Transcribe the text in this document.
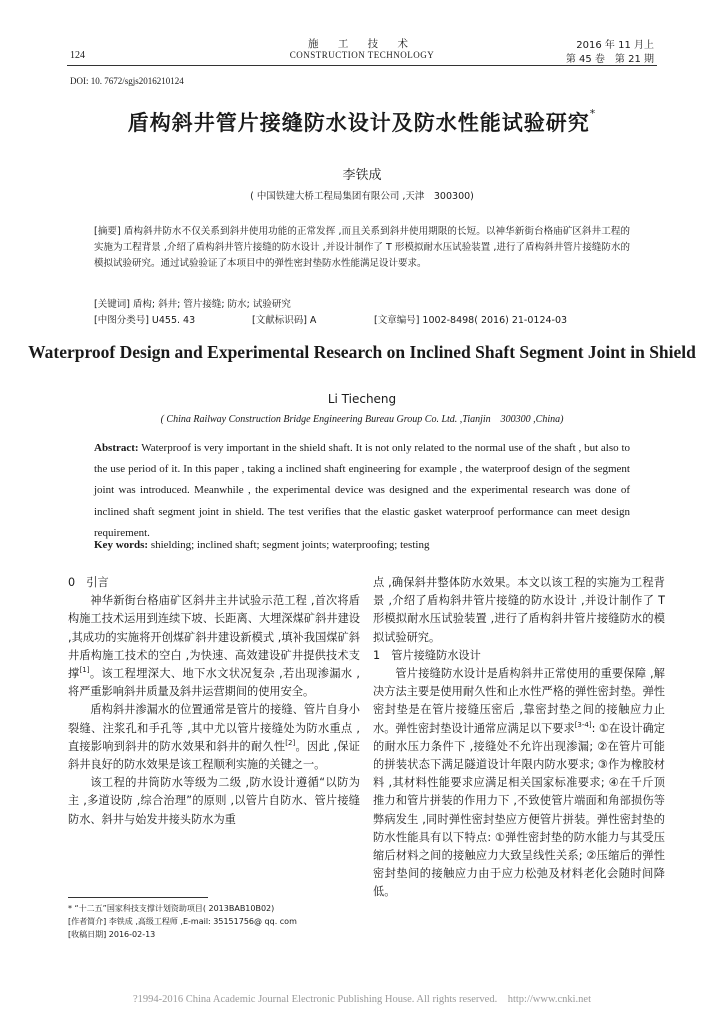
施 工 技 术
CONSTRUCTION TECHNOLOGY
124
2016 年 11 月上
第 45 卷　第 21 期
DOI: 10. 7672/sgjs2016210124
盾构斜井管片接缝防水设计及防水性能试验研究*
李铁成
( 中国铁建大桥工程局集团有限公司 ,天津　300300)
[摘要] 盾构斜井防水不仅关系到斜井使用功能的正常发挥 ,而且关系到斜井使用期限的长短。以神华新街台格庙矿区斜井工程的实施为工程背景 ,介绍了盾构斜井管片接缝的防水设计 ,并设计制作了 T 形模拟耐水压试验装置 ,进行了盾构斜井管片接缝防水的模拟试验研究。通过试验验证了本项目中的弹性密封垫防水性能满足设计要求。
[关键词] 盾构; 斜井; 管片接缝; 防水; 试验研究
[中图分类号] U455. 43	[文献标识码] A	[文章编号] 1002-8498( 2016) 21-0124-03
Waterproof Design and Experimental Research on Inclined Shaft Segment Joint in Shield
Li Tiecheng
( China Railway Construction Bridge Engineering Bureau Group Co. Ltd. ,Tianjin　300300 ,China)
Abstract: Waterproof is very important in the shield shaft. It is not only related to the normal use of the shaft , but also to the use period of it. In this paper , taking a inclined shaft engineering for example , the waterproof design of the segment joint was introduced. Meanwhile , the experimental device was designed and the experimental research was done of inclined shaft segment joint in shield. The test verifies that the elastic gasket waterproof performance can meet design requirement.
Key words: shielding; inclined shaft; segment joints; waterproofing; testing

0　引言

神华新街台格庙矿区斜井主井试验示范工程 ,首次将盾构施工技术运用到连续下坡、长距离、大埋深煤矿斜井建设 ,其成功的实施将开创煤矿斜井建设新模式 ,填补我国煤矿斜井盾构施工技术的空白 ,为快速、高效建设矿井提供技术支撑[1]。该工程埋深大、地下水文状况复杂 ,若出现渗漏水 ,将严重影响斜井质量及斜井运营期间的使用安全。

盾构斜井渗漏水的位置通常是管片的接缝、管片自身小裂缝、注浆孔和手孔等 ,其中尤以管片接缝处为防水重点 ,直接影响到斜井的防水效果和斜井的耐久性[2]。因此 ,保证斜井良好的防水效果是该工程顺利实施的关键之一。

该工程的井筒防水等级为二级 ,防水设计遵循“以防为主 ,多道设防 ,综合治理”的原则 ,以管片自防水、管片接缝防水、斜井与始发井接头防水为重

点 ,确保斜井整体防水效果。本文以该工程的实施为工程背景 ,介绍了盾构斜井管片接缝的防水设计 ,并设计制作了 T 形模拟耐水压试验装置 ,进行了盾构斜井管片接缝防水的模拟试验研究。

1　管片接缝防水设计

管片接缝防水设计是盾构斜井正常使用的重要保障 ,解决方法主要是使用耐久性和止水性严格的弹性密封垫。弹性密封垫是在管片接缝压密后 ,靠密封垫之间的接触应力止水。弹性密封垫设计通常应满足以下要求[3-4]: ①在设计确定的耐水压力条件下 ,接缝处不允许出现渗漏; ②在管片可能的拼装状态下满足隧道设计年限内防水要求; ③作为橡胶材料 ,其材料性能要求应满足相关国家标准要求; ④在千斤顶推力和管片拼装的作用力下 ,不致使管片端面和角部损伤等弊病发生 ,同时弹性密封垫应方便管片拼装。弹性密封垫的防水性能具有以下特点: ①弹性密封垫的防水能力与其受压缩后材料之间的接触应力大致呈线性关系; ②压缩后的弹性密封垫间的接触应力由于应力松弛及材料老化会随时间降低。

* “十二五”国家科技支撑计划资助项目( 2013BAB10B02)
[作者简介] 李铁成 ,高级工程师 ,E-mail: 35151756@ qq. com
[收稿日期] 2016-02-13
?1994-2016 China Academic Journal Electronic Publishing House. All rights reserved.　http://www.cnki.net
